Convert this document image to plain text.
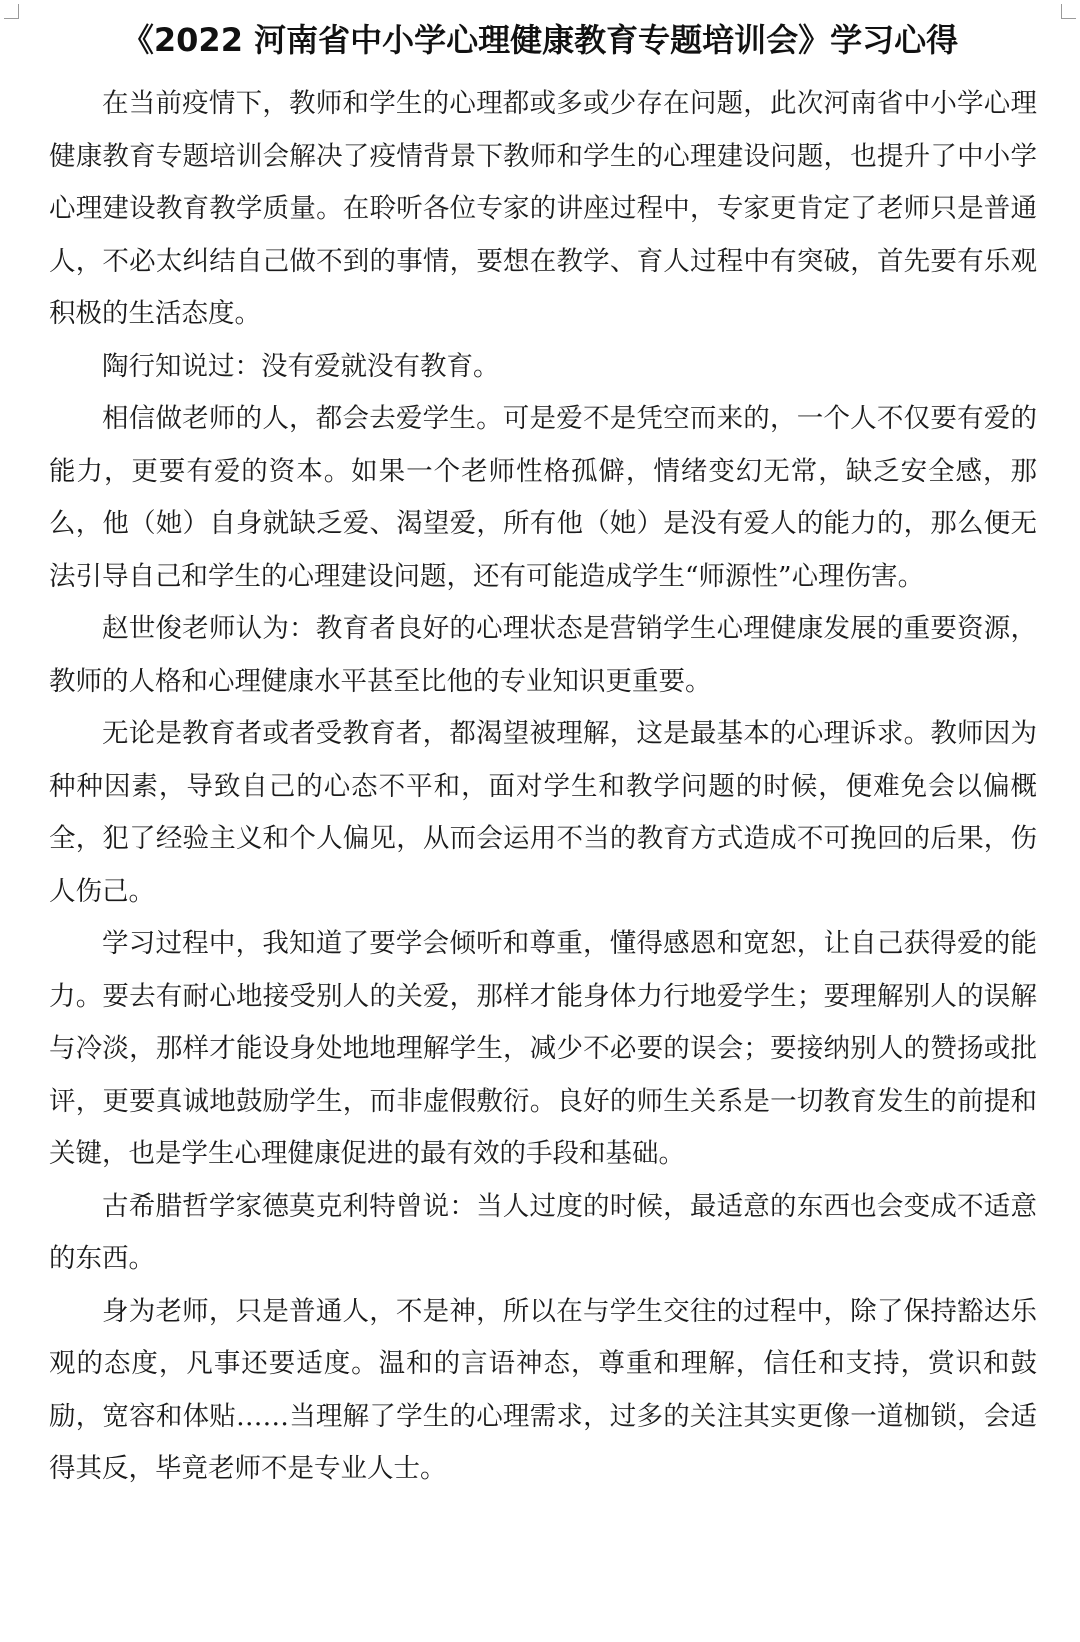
《2022 河南省中小学心理健康教育专题培训会》学习心得

在当前疫情下，教师和学生的心理都或多或少存在问题，此次河南省中小学心理健康教育专题培训会解决了疫情背景下教师和学生的心理建设问题，也提升了中小学心理建设教育教学质量。在聆听各位专家的讲座过程中，专家更肯定了老师只是普通人，不必太纠结自己做不到的事情，要想在教学、育人过程中有突破，首先要有乐观积极的生活态度。

陶行知说过：没有爱就没有教育。

相信做老师的人，都会去爱学生。可是爱不是凭空而来的，一个人不仅要有爱的能力，更要有爱的资本。如果一个老师性格孤僻，情绪变幻无常，缺乏安全感，那么，他（她）自身就缺乏爱、渴望爱，所有他（她）是没有爱人的能力的，那么便无法引导自己和学生的心理建设问题，还有可能造成学生“师源性”心理伤害。

赵世俊老师认为：教育者良好的心理状态是营销学生心理健康发展的重要资源，教师的人格和心理健康水平甚至比他的专业知识更重要。

无论是教育者或者受教育者，都渴望被理解，这是最基本的心理诉求。教师因为种种因素，导致自己的心态不平和，面对学生和教学问题的时候，便难免会以偏概全，犯了经验主义和个人偏见，从而会运用不当的教育方式造成不可挽回的后果，伤人伤己。

学习过程中，我知道了要学会倾听和尊重，懂得感恩和宽恕，让自己获得爱的能力。要去有耐心地接受别人的关爱，那样才能身体力行地爱学生；要理解别人的误解与冷淡，那样才能设身处地地理解学生，减少不必要的误会；要接纳别人的赞扬或批评，更要真诚地鼓励学生，而非虚假敷衍。良好的师生关系是一切教育发生的前提和关键，也是学生心理健康促进的最有效的手段和基础。

古希腊哲学家德莫克利特曾说：当人过度的时候，最适意的东西也会变成不适意的东西。

身为老师，只是普通人，不是神，所以在与学生交往的过程中，除了保持豁达乐观的态度，凡事还要适度。温和的言语神态，尊重和理解，信任和支持，赏识和鼓励，宽容和体贴……当理解了学生的心理需求，过多的关注其实更像一道枷锁，会适得其反，毕竟老师不是专业人士。
